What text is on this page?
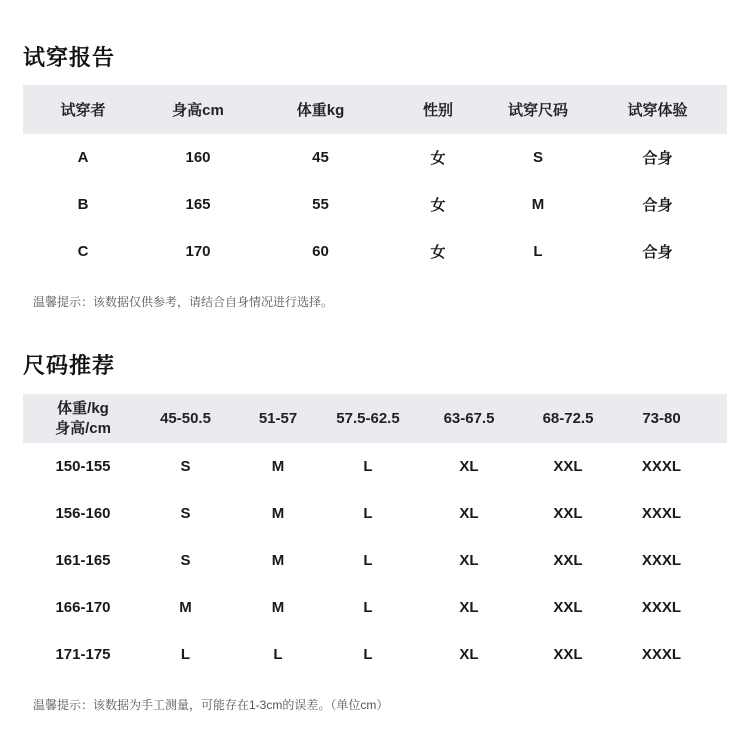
试穿报告
试穿者	身高cm	体重kg	性别	试穿尺码	试穿体验
A	160	45	女	S	合身
B	165	55	女	M	合身
C	170	60	女	L	合身
温馨提示：该数据仅供参考，请结合自身情况进行选择。
尺码推荐
体重/kg
身高/cm
45-50.5	51-57	57.5-62.5	63-67.5	68-72.5	73-80
150-155	S	M	L	XL	XXL	XXXL
156-160	S	M	L	XL	XXL	XXXL
161-165	S	M	L	XL	XXL	XXXL
166-170	M	M	L	XL	XXL	XXXL
171-175	L	L	L	XL	XXL	XXXL
温馨提示：该数据为手工测量，可能存在1-3cm的误差。（单位cm）
